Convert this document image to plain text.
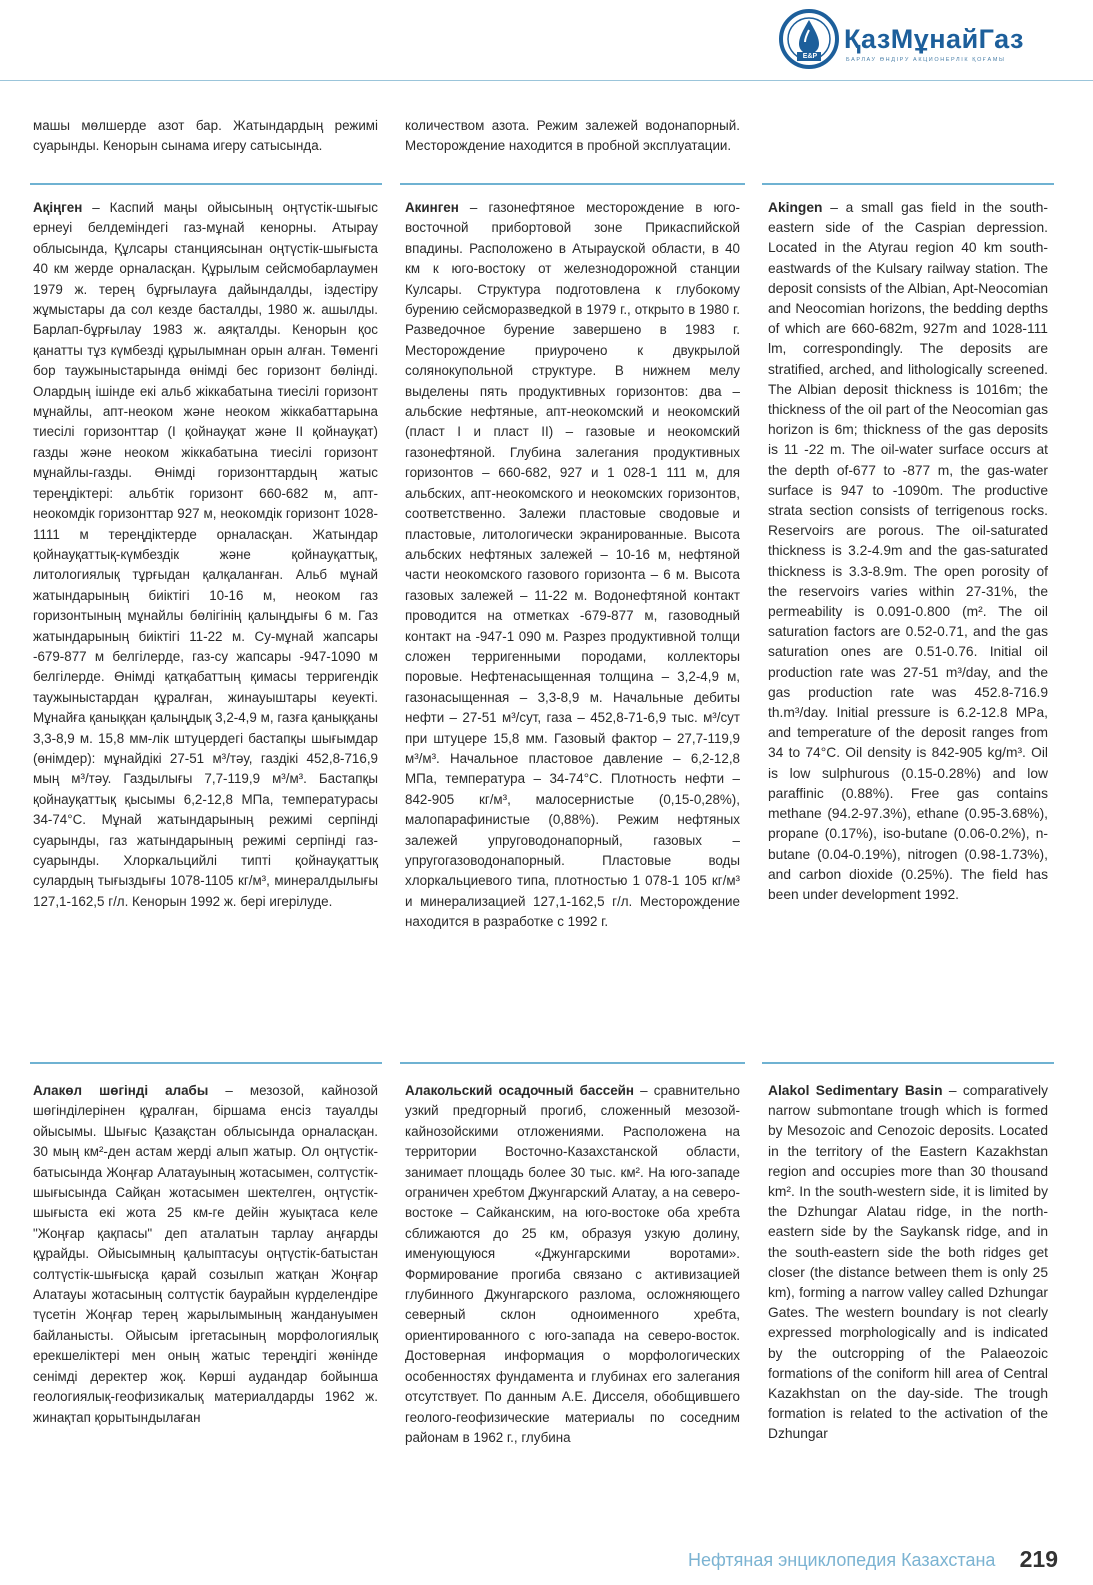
E&P
ҚазМұнайГаз
БАРЛАУ ӨНДІРУ АКЦИОНЕРЛІК ҚОҒАМЫ
машы мөлшерде азот бар. Жатындардың режимі суарынды. Кенорын сынама игеру сатысында.
количеством азота. Режим залежей водонапорный. Месторождение находится в пробной эксплуатации.
Ақіңген – Каспий маңы ойысының оңтүстік-шығыс ернеуі белдеміндегі газ-мұнай кенорны. Атырау облысында, Құлсары станциясынан оңтүстік-шығыста 40 км жерде орналасқан. Құрылым сейсмобарлаумен 1979 ж. терең бұрғылауға дайындалды, іздестіру жұмыстары да сол кезде басталды, 1980 ж. ашылды. Барлап-бұрғылау 1983 ж. аяқталды. Кенорын қос қанатты тұз күмбезді құрылымнан орын алған. Төменгі бор таужыныстарында өнімді бес горизонт бөлінді. Олардың ішінде екі альб жіккабатына тиесілі горизонт мұнайлы, апт-неоком және неоком жіккабаттарына тиесілі горизонттар (I қойнауқат және II қойнауқат) газды және неоком жіккабатына тиесілі горизонт мұнайлы-газды. Өнімді горизонттардың жатыс тереңдіктері: альбтік горизонт 660-682 м, апт-неокомдік горизонттар 927 м, неокомдік горизонт 1028-1111 м тереңдіктерде орналасқан. Жатындар қойнауқаттық-күмбездік және қойнауқаттық, литологиялық тұрғыдан қалқаланған. Альб мұнай жатындарының биіктігі 10-16 м, неоком газ горизонтының мұнайлы бөлігінің қалыңдығы 6 м. Газ жатындарының биіктігі 11-22 м. Су-мұнай жапсары -679-877 м белгілерде, газ-су жапсары -947-1090 м белгілерде. Өнімді қатқабаттың қимасы терригендік таужыныстардан құралған, жинауыштары кеуекті. Мұнайға қаныққан қалыңдық 3,2-4,9 м, газға қаныққаны 3,3-8,9 м. 15,8 мм-лік штуцердегі бастапқы шығымдар (өнімдер): мұнайдікі 27-51 м³/тәу, газдікі 452,8-716,9 мың м³/тәу. Газдылығы 7,7-119,9 м³/м³. Бастапқы қойнауқаттық қысымы 6,2-12,8 МПа, температурасы 34-74°C. Мұнай жатындарының режимі серпінді суарынды, газ жатындарының режимі серпінді газ-суарынды. Хлоркальцийлі типті қойнауқаттық сулардың тығыздығы 1078-1105 кг/м³, минералдылығы 127,1-162,5 г/л. Кенорын 1992 ж. бері игерілуде.
Акинген – газонефтяное месторождение в юго-восточной прибортовой зоне Прикаспийской впадины. Расположено в Атырауской области, в 40 км к юго-востоку от железнодорожной станции Кулсары. Структура подготовлена к глубокому бурению сейсморазведкой в 1979 г., открыто в 1980 г. Разведочное бурение завершено в 1983 г. Месторождение приурочено к двукрылой солянокупольной структуре. В нижнем мелу выделены пять продуктивных горизонтов: два – альбские нефтяные, апт-неокомский и неокомский (пласт I и пласт II) – газовые и неокомский газонефтяной. Глубина залегания продуктивных горизонтов – 660-682, 927 и 1 028-1 111 м, для альбских, апт-неокомского и неокомских горизонтов, соответственно. Залежи пластовые сводовые и пластовые, литологически экранированные. Высота альбских нефтяных залежей – 10-16 м, нефтяной части неокомского газового горизонта – 6 м. Высота газовых залежей – 11-22 м. Водонефтяной контакт проводится на отметках -679-877 м, газоводный контакт на -947-1 090 м. Разрез продуктивной толщи сложен терригенными породами, коллекторы поровые. Нефтенасыщенная толщина – 3,2-4,9 м, газонасыщенная – 3,3-8,9 м. Начальные дебиты нефти – 27-51 м³/сут, газа – 452,8-71-6,9 тыс. м³/сут при штуцере 15,8 мм. Газовый фактор – 27,7-119,9 м³/м³. Начальное пластовое давление – 6,2-12,8 МПа, температура – 34-74°C. Плотность нефти – 842-905 кг/м³, малосернистые (0,15-0,28%), малопарафинистые (0,88%). Режим нефтяных залежей упруговодонапорный, газовых – упругогазоводонапорный. Пластовые воды хлоркальциевого типа, плотностью 1 078-1 105 кг/м³ и минерализацией 127,1-162,5 г/л. Месторождение находится в разработке с 1992 г.
Akingen – a small gas field in the south-eastern side of the Caspian depression. Located in the Atyrau region 40 km south-eastwards of the Kulsary railway station. The deposit consists of the Albian, Apt-Neocomian and Neocomian horizons, the bedding depths of which are 660-682m, 927m and 1028-111 lm, correspondingly. The deposits are stratified, arched, and lithologically screened. The Albian deposit thickness is 1016m; the thickness of the oil part of the Neocomian gas horizon is 6m; thickness of the gas deposits is 11 -22 m. The oil-water surface occurs at the depth of-677 to -877 m, the gas-water surface is 947 to -1090m. The productive strata section consists of terrigenous rocks. Reservoirs are porous. The oil-saturated thickness is 3.2-4.9m and the gas-saturated thickness is 3.3-8.9m. The open porosity of the reservoirs varies within 27-31%, the permeability is 0.091-0.800 (m². The oil saturation factors are 0.52-0.71, and the gas saturation ones are 0.51-0.76. Initial oil production rate was 27-51 m³/day, and the gas production rate was 452.8-716.9 th.m³/day. Initial pressure is 6.2-12.8 MPa, and temperature of the deposit ranges from 34 to 74°C. Oil density is 842-905 kg/m³. Oil is low sulphurous (0.15-0.28%) and low paraffinic (0.88%). Free gas contains methane (94.2-97.3%), ethane (0.95-3.68%), propane (0.17%), iso-butane (0.06-0.2%), n-butane (0.04-0.19%), nitrogen (0.98-1.73%), and carbon dioxide (0.25%). The field has been under development 1992.
Алакөл шөгінді алабы – мезозой, кайнозой шөгінділерінен құралған, біршама енсіз тауалды ойысымы. Шығыс Қазақстан облысында орналасқан. 30 мың км²-ден астам жерді алып жатыр. Ол оңтүстік-батысында Жоңғар Алатауының жотасымен, солтүстік-шығысында Сайқан жотасымен шектелген, оңтүстік-шығыста екі жота 25 км-ге дейін жуықтаса келе "Жоңғар қақпасы" деп аталатын тарлау аңғарды құрайды. Ойысымның қалыптасуы оңтүстік-батыстан солтүстік-шығысқа қарай созылып жатқан Жоңғар Алатауы жотасының солтүстік баурайын күрделендіре түсетін Жоңғар терең жарылымының жандануымен байланысты. Ойысым іргетасының морфологиялық ерекшеліктері мен оның жатыс тереңдігі жөнінде сенімді деректер жоқ. Көрші аудандар бойынша геологиялық-геофизикалық материалдарды 1962 ж. жинақтап қорытындылаған
Алакольский осадочный бассейн – сравнительно узкий предгорный прогиб, сложенный мезозой-кайнозойскими отложениями. Расположена на территории Восточно-Казахстанской области, занимает площадь более 30 тыс. км². На юго-западе ограничен хребтом Джунгарский Алатау, а на северо-востоке – Сайканским, на юго-востоке оба хребта сближаются до 25 км, образуя узкую долину, именующуюся «Джунгарскими воротами». Формирование прогиба связано с активизацией глубинного Джунгарского разлома, осложняющего северный склон одноименного хребта, ориентированного с юго-запада на северо-восток. Достоверная информация о морфологических особенностях фундамента и глубинах его залегания отсутствует. По данным А.Е. Дисселя, обобщившего геолого-геофизические материалы по соседним районам в 1962 г., глубина
Alakol Sedimentary Basin – comparatively narrow submontane trough which is formed by Mesozoic and Cenozoic deposits. Located in the territory of the Eastern Kazakhstan region and occupies more than 30 thousand km². In the south-western side, it is limited by the Dzhungar Alatau ridge, in the north-eastern side by the Saykansk ridge, and in the south-eastern side the both ridges get closer (the distance between them is only 25 km), forming a narrow valley called Dzhungar Gates. The western boundary is not clearly expressed morphologically and is indicated by the outcropping of the Palaeozoic formations of the coniform hill area of Central Kazakhstan on the day-side. The trough formation is related to the activation of the Dzhungar
Нефтяная энциклопедия Казахстана 219
